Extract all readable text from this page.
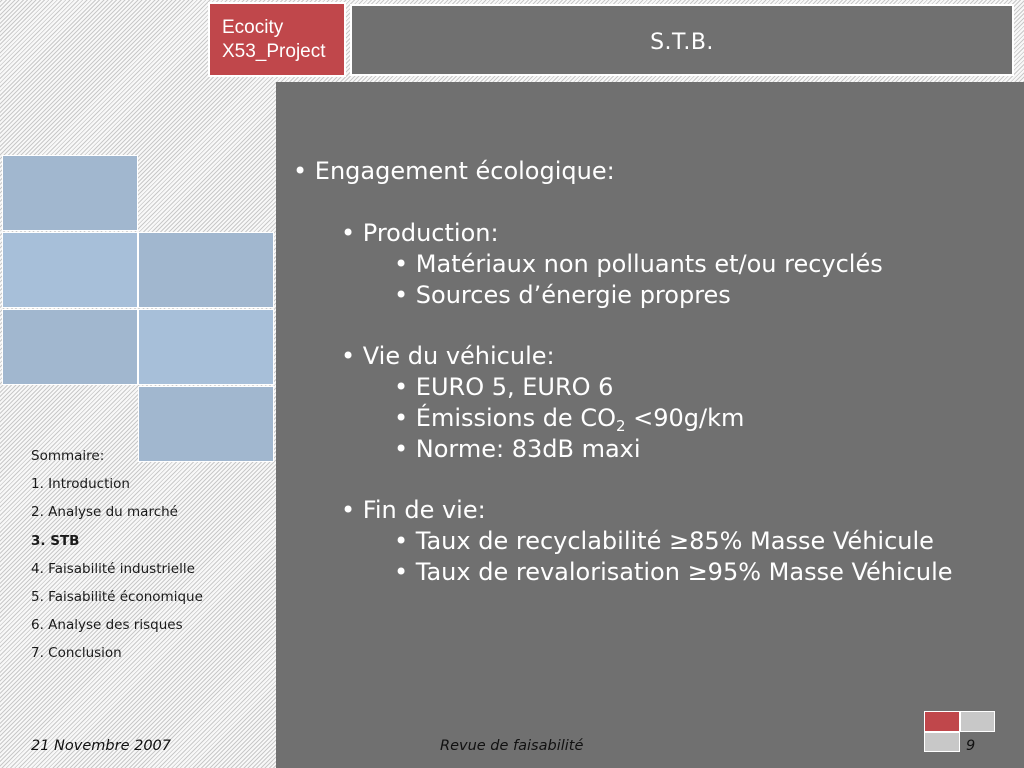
Ecocity
X53_Project	S.T.B.
Sommaire:
1. Introduction
2. Analyse du marché
3. STB
4. Faisabilité industrielle
5. Faisabilité économique
6. Analyse des risques
7. Conclusion
• Engagement écologique:
• Production:
• Matériaux non polluants et/ou recyclés
• Sources d’énergie propres
• Vie du véhicule:
• EURO 5, EURO 6
• Émissions de $CO_2 <90g/km$
• Norme: 83dB maxi
• Fin de vie:
• Taux de recyclabilité ≥85% Masse Véhicule
• Taux de revalorisation ≥95% Masse Véhicule
21 Novembre 2007	Revue de faisabilité	9
